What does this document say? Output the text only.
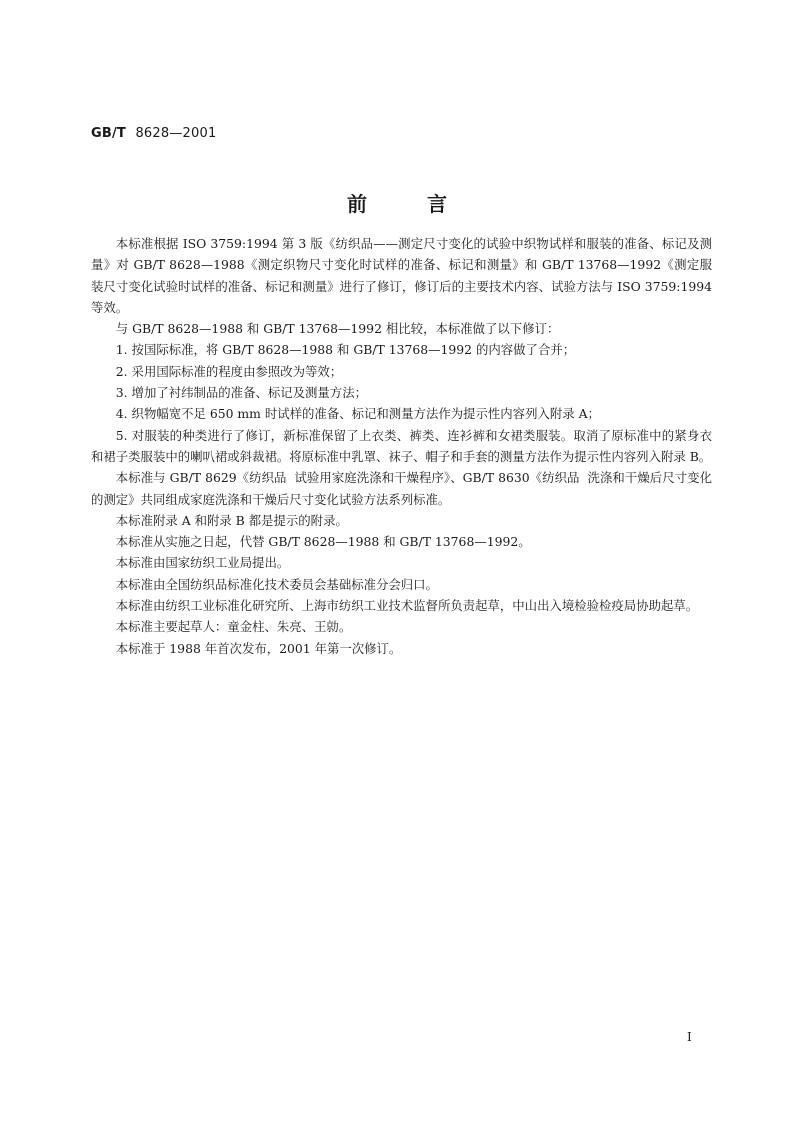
GB/T 8628—2001
前言

本标准根据 ISO 3759:1994 第 3 版《纺织品——测定尺寸变化的试验中织物试样和服装的准备、标记及测量》对 GB/T 8628—1988《测定织物尺寸变化时试样的准备、标记和测量》和 GB/T 13768—1992《测定服装尺寸变化试验时试样的准备、标记和测量》进行了修订，修订后的主要技术内容、试验方法与 ISO 3759:1994 等效。

与 GB/T 8628—1988 和 GB/T 13768—1992 相比较，本标准做了以下修订：

1. 按国际标准，将 GB/T 8628—1988 和 GB/T 13768—1992 的内容做了合并；

2. 采用国际标准的程度由参照改为等效；

3. 增加了衬纬制品的准备、标记及测量方法；

4. 织物幅宽不足 650 mm 时试样的准备、标记和测量方法作为提示性内容列入附录 A；

5. 对服装的种类进行了修订，新标准保留了上衣类、裤类、连衫裤和女裙类服装。取消了原标准中的紧身衣和裙子类服装中的喇叭裙或斜裁裙。将原标准中乳罩、袜子、帽子和手套的测量方法作为提示性内容列入附录 B。

本标准与 GB/T 8629《纺织品  试验用家庭洗涤和干燥程序》、GB/T 8630《纺织品  洗涤和干燥后尺寸变化的测定》共同组成家庭洗涤和干燥后尺寸变化试验方法系列标准。

本标准附录 A 和附录 B 都是提示的附录。

本标准从实施之日起，代替 GB/T 8628—1988 和 GB/T 13768—1992。

本标准由国家纺织工业局提出。

本标准由全国纺织品标准化技术委员会基础标准分会归口。

本标准由纺织工业标准化研究所、上海市纺织工业技术监督所负责起草，中山出入境检验检疫局协助起草。

本标准主要起草人：童金柱、朱亮、王勍。

本标准于 1988 年首次发布，2001 年第一次修订。

I
